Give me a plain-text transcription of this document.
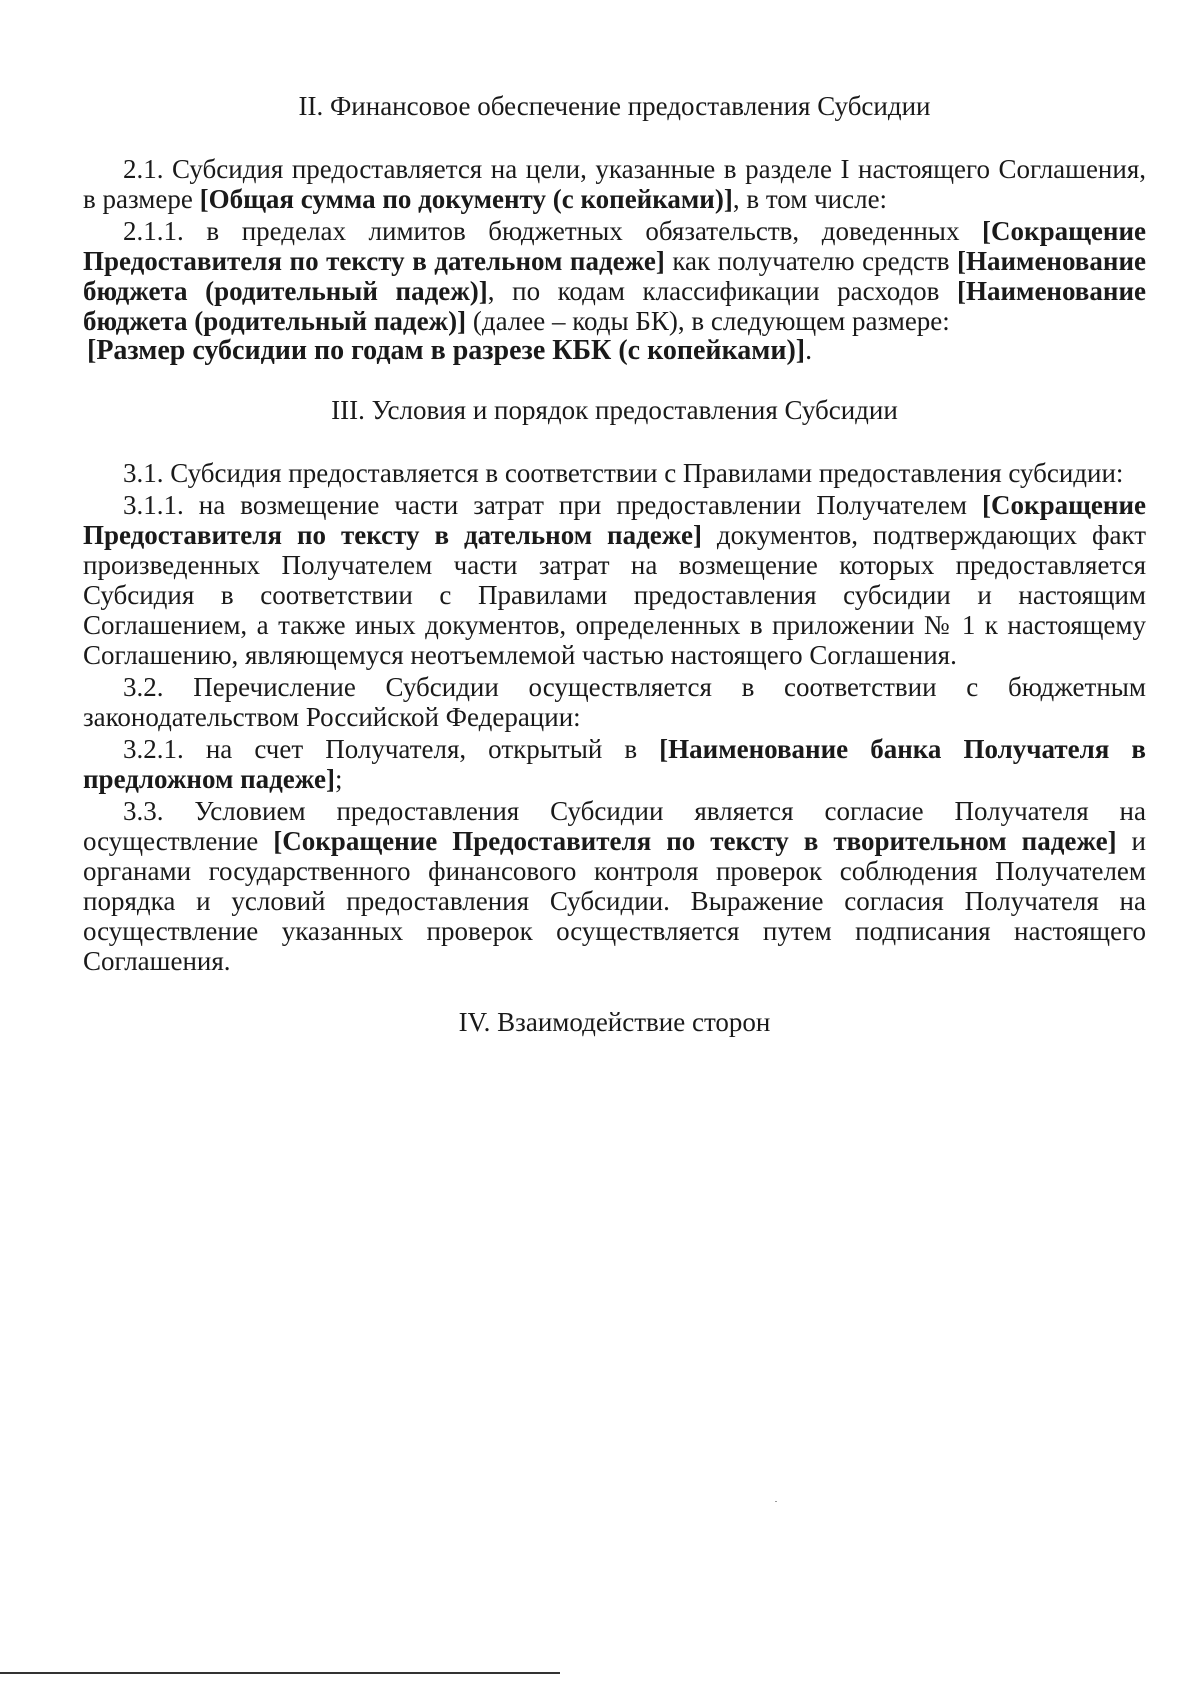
II. Финансовое обеспечение предоставления Субсидии

2.1. Субсидия предоставляется на цели, указанные в разделе I настоящего Соглашения, в размере [Общая сумма по документу (с копейками)], в том числе:

2.1.1. в пределах лимитов бюджетных обязательств, доведенных [Сокращение Предоставителя по тексту в дательном падеже] как получателю средств [Наименование бюджета (родительный падеж)], по кодам классификации расходов [Наименование бюджета (родительный падеж)] (далее – коды БК), в следующем размере:

[Размер субсидии по годам в разрезе КБК (с копейками)].

III. Условия и порядок предоставления Субсидии

3.1. Субсидия предоставляется в соответствии с Правилами предоставления субсидии:

3.1.1. на возмещение части затрат при предоставлении Получателем [Сокращение Предоставителя по тексту в дательном падеже] документов, подтверждающих факт произведенных Получателем части затрат на возмещение которых предоставляется Субсидия в соответствии с Правилами предоставления субсидии и настоящим Соглашением, а также иных документов, определенных в приложении № 1 к настоящему Соглашению, являющемуся неотъемлемой частью настоящего Соглашения.

3.2. Перечисление Субсидии осуществляется в соответствии с бюджетным законодательством Российской Федерации:

3.2.1. на счет Получателя, открытый в [Наименование банка Получателя в предложном падеже];

3.3. Условием предоставления Субсидии является согласие Получателя на осуществление [Сокращение Предоставителя по тексту в творительном падеже] и органами государственного финансового контроля проверок соблюдения Получателем порядка и условий предоставления Субсидии. Выражение согласия Получателя на осуществление указанных проверок осуществляется путем подписания настоящего Соглашения.

IV. Взаимодействие сторон
